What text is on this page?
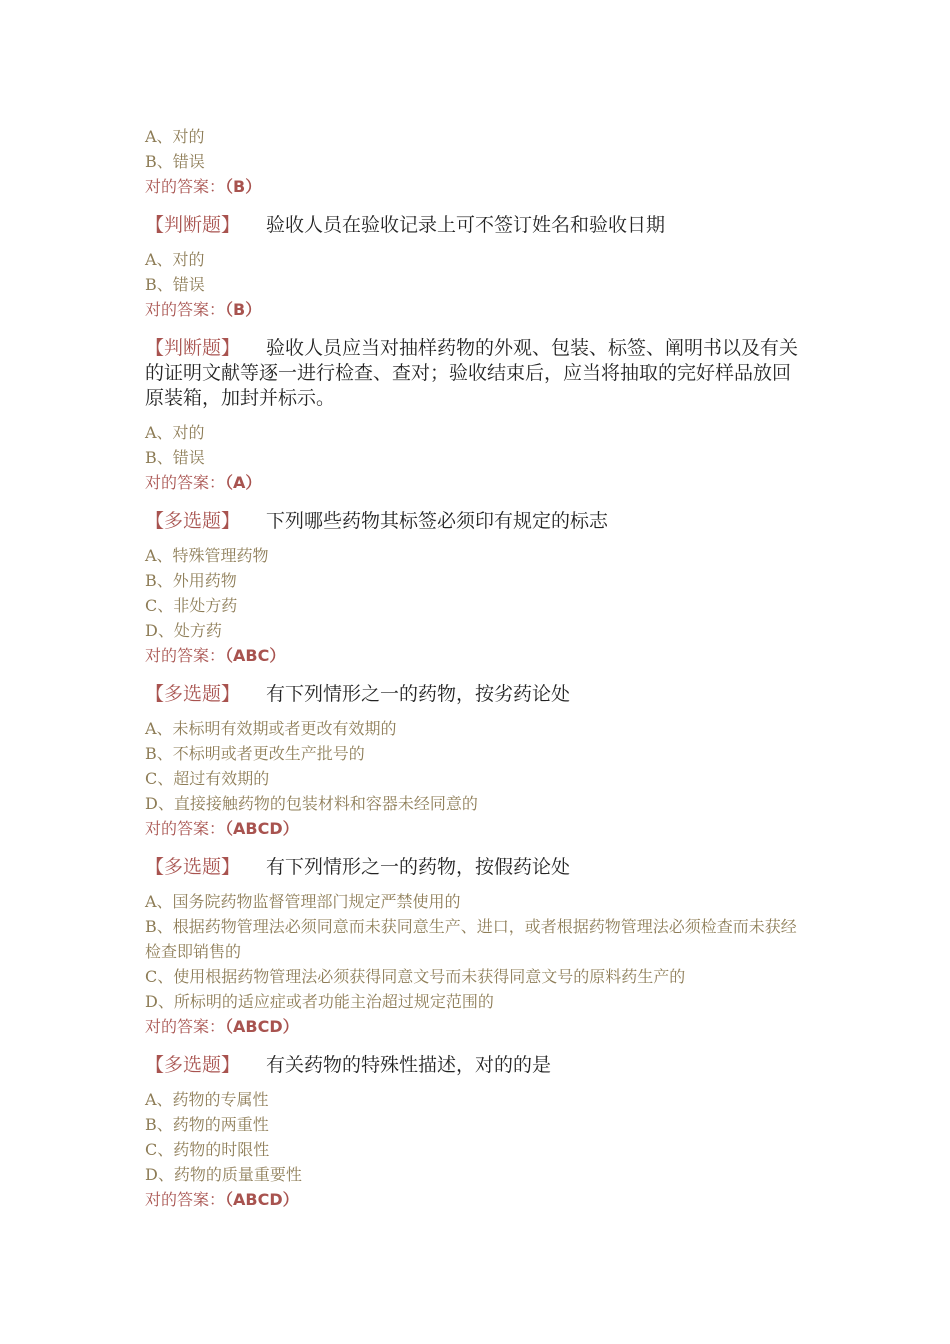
A、对的
B、错误
对的答案：（B）
【判断题】 验收人员在验收记录上可不签订姓名和验收日期
A、对的
B、错误
对的答案：（B）
【判断题】 验收人员应当对抽样药物的外观、包装、标签、阐明书以及有关的证明文献等逐一进行检查、查对；验收结束后，应当将抽取的完好样品放回原装箱，加封并标示。
A、对的
B、错误
对的答案：（A）
【多选题】 下列哪些药物其标签必须印有规定的标志
A、特殊管理药物
B、外用药物
C、非处方药
D、处方药
对的答案：（ABC）
【多选题】 有下列情形之一的药物，按劣药论处
A、未标明有效期或者更改有效期的
B、不标明或者更改生产批号的
C、超过有效期的
D、直接接触药物的包装材料和容器未经同意的
对的答案：（ABCD）
【多选题】 有下列情形之一的药物，按假药论处
A、国务院药物监督管理部门规定严禁使用的
B、根据药物管理法必须同意而未获同意生产、进口，或者根据药物管理法必须检查而未获经检查即销售的
C、使用根据药物管理法必须获得同意文号而未获得同意文号的原料药生产的
D、所标明的适应症或者功能主治超过规定范围的
对的答案：（ABCD）
【多选题】 有关药物的特殊性描述，对的的是
A、药物的专属性
B、药物的两重性
C、药物的时限性
D、药物的质量重要性
对的答案：（ABCD）
